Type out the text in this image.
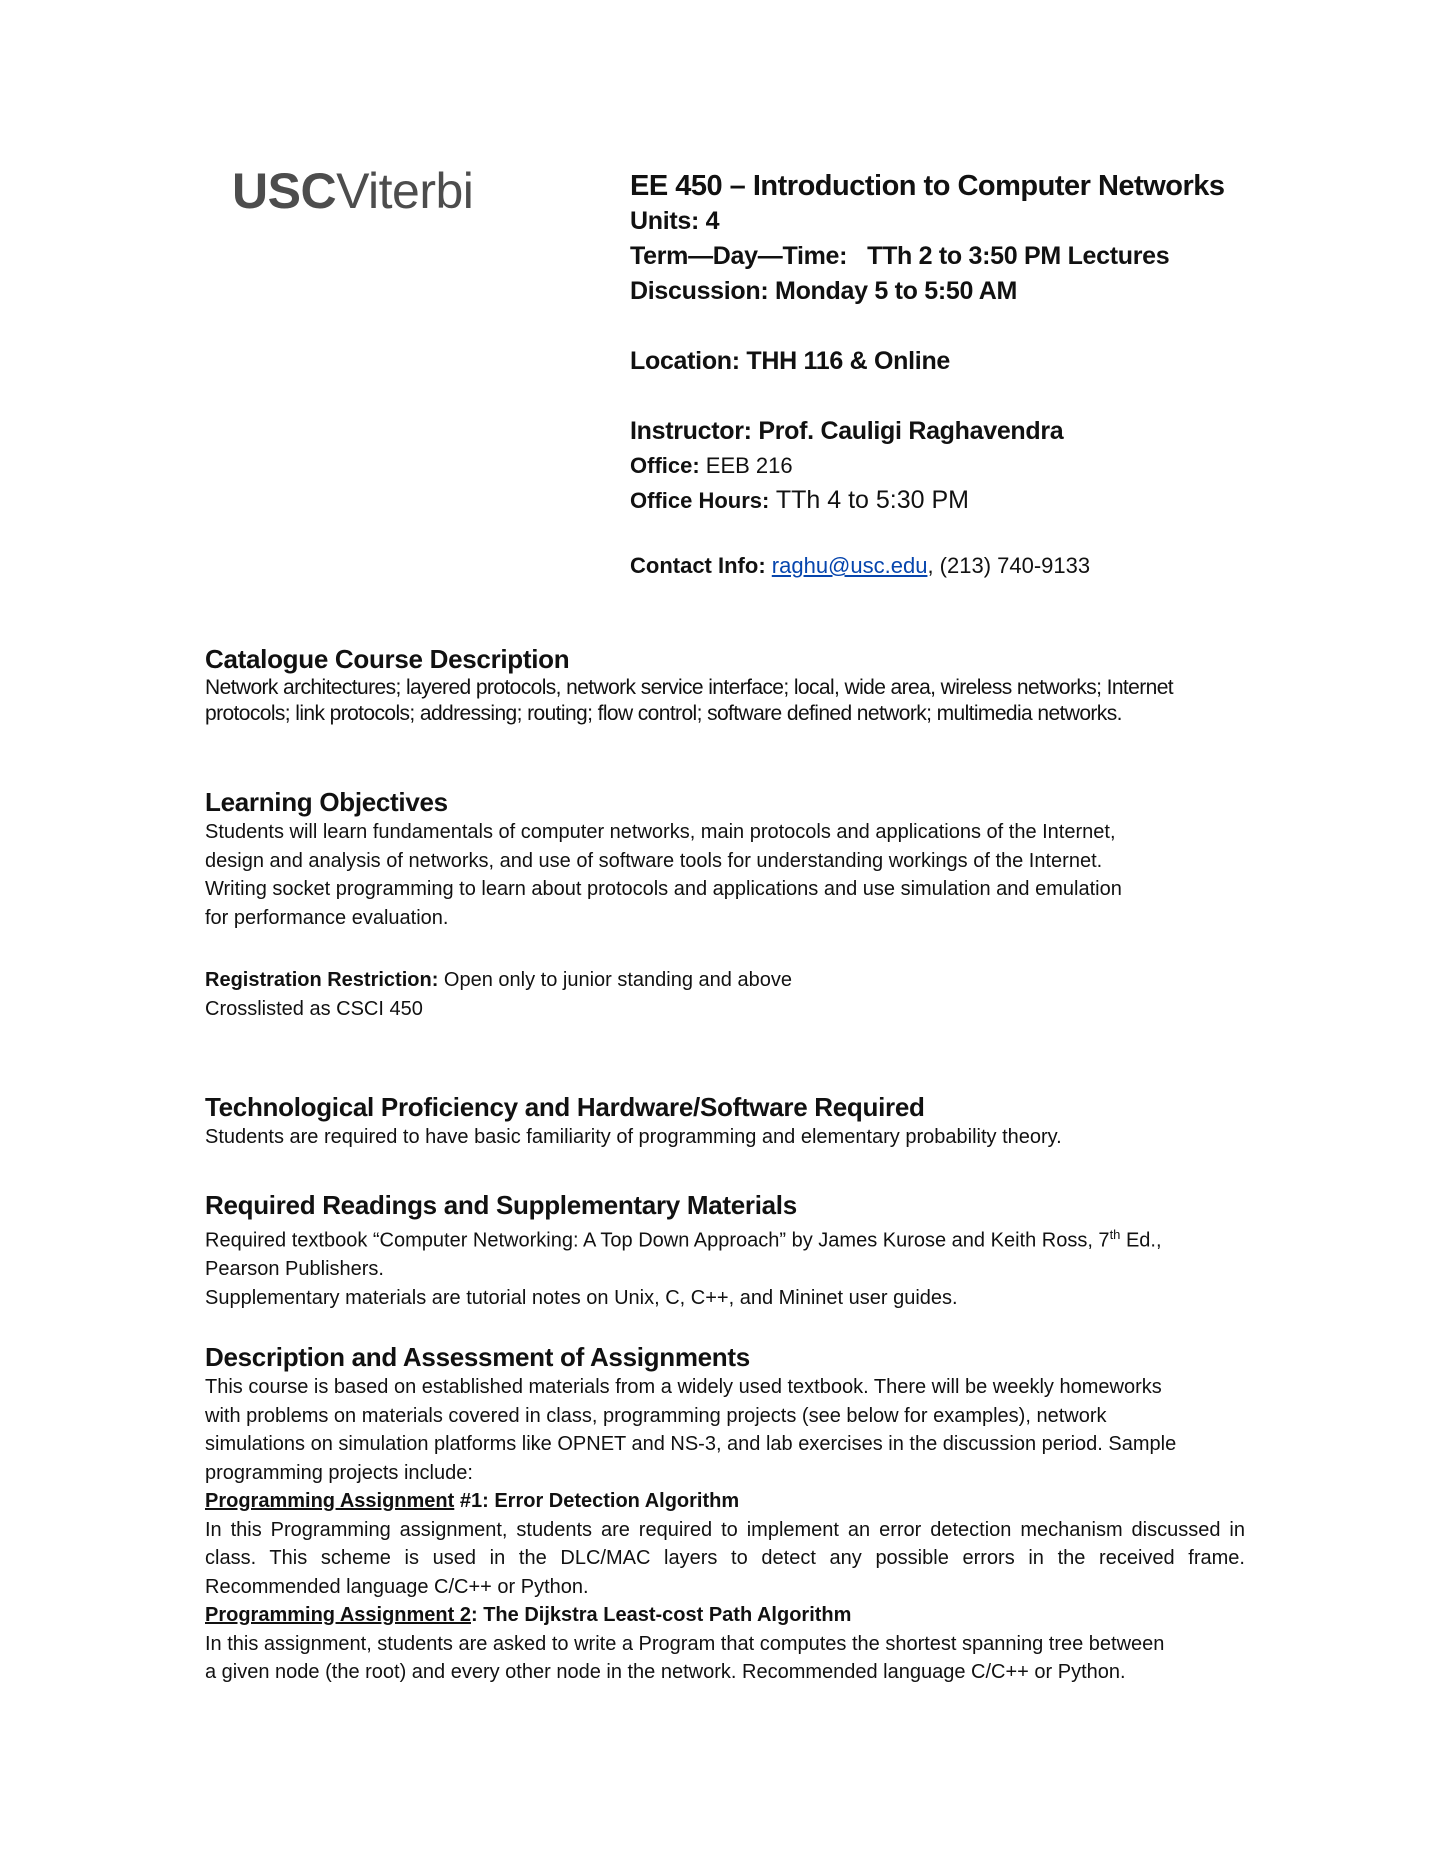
USCViterbi	EE 450 – Introduction to Computer Networks

Units: 4

Term—Day—Time:   TTh 2 to 3:50 PM Lectures

Discussion: Monday 5 to 5:50 AM

Location: THH 116 & Online

Instructor: Prof. Cauligi Raghavendra

Office: EEB 216

Office Hours: TTh 4 to 5:30 PM

Contact Info: raghu@usc.edu, (213) 740-9133

Catalogue Course Description

Network architectures; layered protocols, network service interface; local, wide area, wireless networks; Internet protocols; link protocols; addressing; routing; flow control; software defined network; multimedia networks.

Learning Objectives

Students will learn fundamentals of computer networks, main protocols and applications of the Internet,

design and analysis of networks, and use of software tools for understanding workings of the Internet.

Writing socket programming to learn about protocols and applications and use simulation and emulation

for performance evaluation.

Registration Restriction: Open only to junior standing and above

Crosslisted as CSCI 450

Technological Proficiency and Hardware/Software Required

Students are required to have basic familiarity of programming and elementary probability theory.

Required Readings and Supplementary Materials

Required textbook “Computer Networking: A Top Down Approach” by James Kurose and Keith Ross, 7th Ed.,

Pearson Publishers.

Supplementary materials are tutorial notes on Unix, C, C++, and Mininet user guides.

Description and Assessment of Assignments

This course is based on established materials from a widely used textbook. There will be weekly homeworks

with problems on materials covered in class, programming projects (see below for examples), network

simulations on simulation platforms like OPNET and NS-3, and lab exercises in the discussion period. Sample

programming projects include:

Programming Assignment #1: Error Detection Algorithm

In this Programming assignment, students are required to implement an error detection mechanism discussed in class. This scheme is used in the DLC/MAC layers to detect any possible errors in the received frame. Recommended language C/C++ or Python.

Programming Assignment 2: The Dijkstra Least-cost Path Algorithm

In this assignment, students are asked to write a Program that computes the shortest spanning tree between

a given node (the root) and every other node in the network. Recommended language C/C++ or Python.
